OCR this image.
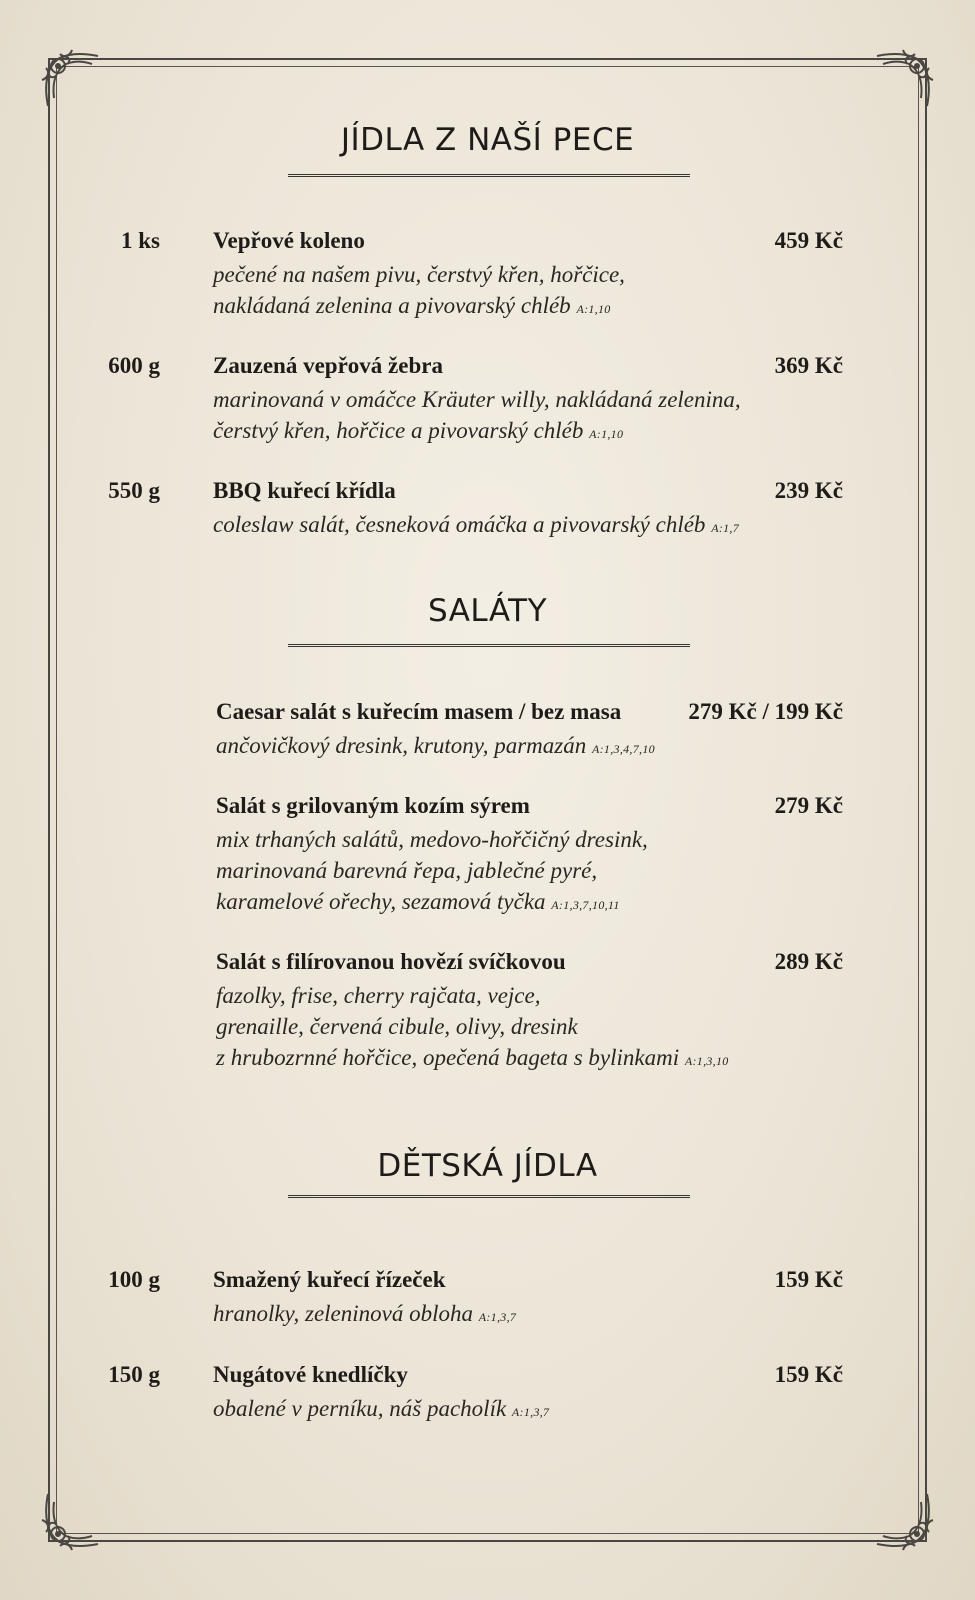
JÍDLA Z NAŠÍ PECE
1 ks Vepřové koleno	459 Kč
pečené na našem pivu, čerstvý křen, hořčice,
nakládaná zelenina a pivovarský chléb A:1,10
600 g Zauzená vepřová žebra	369 Kč
marinovaná v omáčce Kräuter willy, nakládaná zelenina,
čerstvý křen, hořčice a pivovarský chléb A:1,10
550 g BBQ kuřecí křídla	239 Kč
coleslaw salát, česneková omáčka a pivovarský chléb A:1,7
SALÁTY
Caesar salát s kuřecím masem / bez masa	279 Kč / 199 Kč
ančovičkový dresink, krutony, parmazán A:1,3,4,7,10
Salát s grilovaným kozím sýrem	279 Kč
mix trhaných salátů, medovo-hořčičný dresink,
marinovaná barevná řepa, jablečné pyré,
karamelové ořechy, sezamová tyčka A:1,3,7,10,11
Salát s filírovanou hovězí svíčkovou	289 Kč
fazolky, frise, cherry rajčata, vejce,
grenaille, červená cibule, olivy, dresink
z hrubozrnné hořčice, opečená bageta s bylinkami A:1,3,10
DĚTSKÁ JÍDLA
100 g Smažený kuřecí řízeček	159 Kč
hranolky, zeleninová obloha A:1,3,7
150 g Nugátové knedlíčky	159 Kč
obalené v perníku, náš pacholík A:1,3,7
